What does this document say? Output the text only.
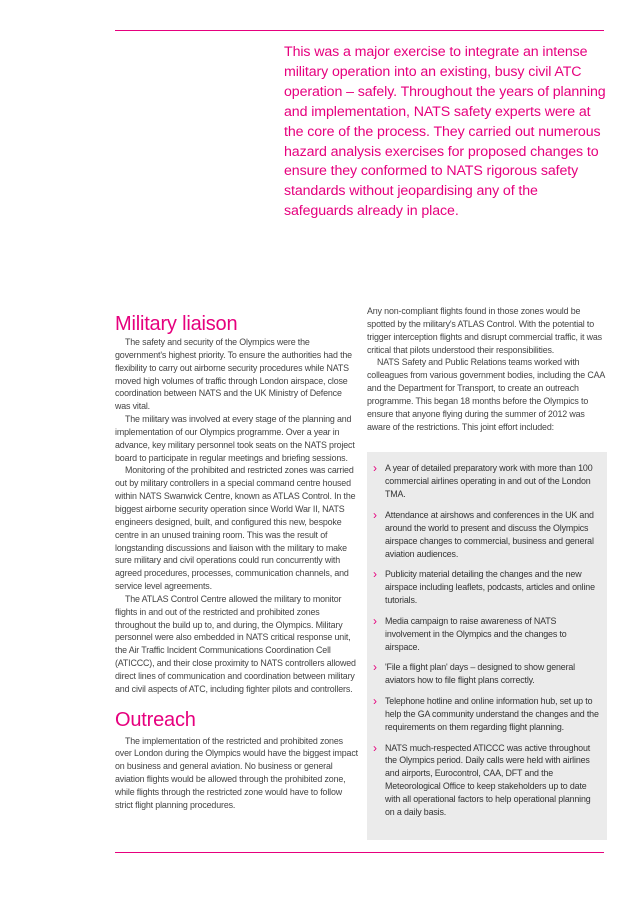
This was a major exercise to integrate an intense military operation into an existing, busy civil ATC operation – safely. Throughout the years of planning and implementation, NATS safety experts were at the core of the process. They carried out numerous hazard analysis exercises for proposed changes to ensure they conformed to NATS rigorous safety standards without jeopardising any of the safeguards already in place.

Military liaison

The safety and security of the Olympics were the government's highest priority. To ensure the authorities had the flexibility to carry out airborne security procedures while NATS moved high volumes of traffic through London airspace, close coordination between NATS and the UK Ministry of Defence was vital.

The military was involved at every stage of the planning and implementation of our Olympics programme. Over a year in advance, key military personnel took seats on the NATS project board to participate in regular meetings and briefing sessions.

Monitoring of the prohibited and restricted zones was carried out by military controllers in a special command centre housed within NATS Swanwick Centre, known as ATLAS Control. In the biggest airborne security operation since World War II, NATS engineers designed, built, and configured this new, bespoke centre in an unused training room. This was the result of longstanding discussions and liaison with the military to make sure military and civil operations could run concurrently with agreed procedures, processes, communication channels, and service level agreements.

The ATLAS Control Centre allowed the military to monitor flights in and out of the restricted and prohibited zones throughout the build up to, and during, the Olympics. Military personnel were also embedded in NATS critical response unit, the Air Traffic Incident Communications Coordination Cell (ATICCC), and their close proximity to NATS controllers allowed direct lines of communication and coordination between military and civil aspects of ATC, including fighter pilots and controllers.

Outreach

The implementation of the restricted and prohibited zones over London during the Olympics would have the biggest impact on business and general aviation. No business or general aviation flights would be allowed through the prohibited zone, while flights through the restricted zone would have to follow strict flight planning procedures.

Any non-compliant flights found in those zones would be spotted by the military's ATLAS Control. With the potential to trigger interception flights and disrupt commercial traffic, it was critical that pilots understood their responsibilities.

NATS Safety and Public Relations teams worked with colleagues from various government bodies, including the CAA and the Department for Transport, to create an outreach programme. This began 18 months before the Olympics to ensure that anyone flying during the summer of 2012 was aware of the restrictions. This joint effort included:

› A year of detailed preparatory work with more than 100 commercial airlines operating in and out of the London TMA.
› Attendance at airshows and conferences in the UK and around the world to present and discuss the Olympics airspace changes to commercial, business and general aviation audiences.
› Publicity material detailing the changes and the new airspace including leaflets, podcasts, articles and online tutorials.
› Media campaign to raise awareness of NATS involvement in the Olympics and the changes to airspace.
› 'File a flight plan' days – designed to show general aviators how to file flight plans correctly.
› Telephone hotline and online information hub, set up to help the GA community understand the changes and the requirements on them regarding flight planning.
› NATS much-respected ATICCC was active throughout the Olympics period. Daily calls were held with airlines and airports, Eurocontrol, CAA, DFT and the Meteorological Office to keep stakeholders up to date with all operational factors to help operational planning on a daily basis.
